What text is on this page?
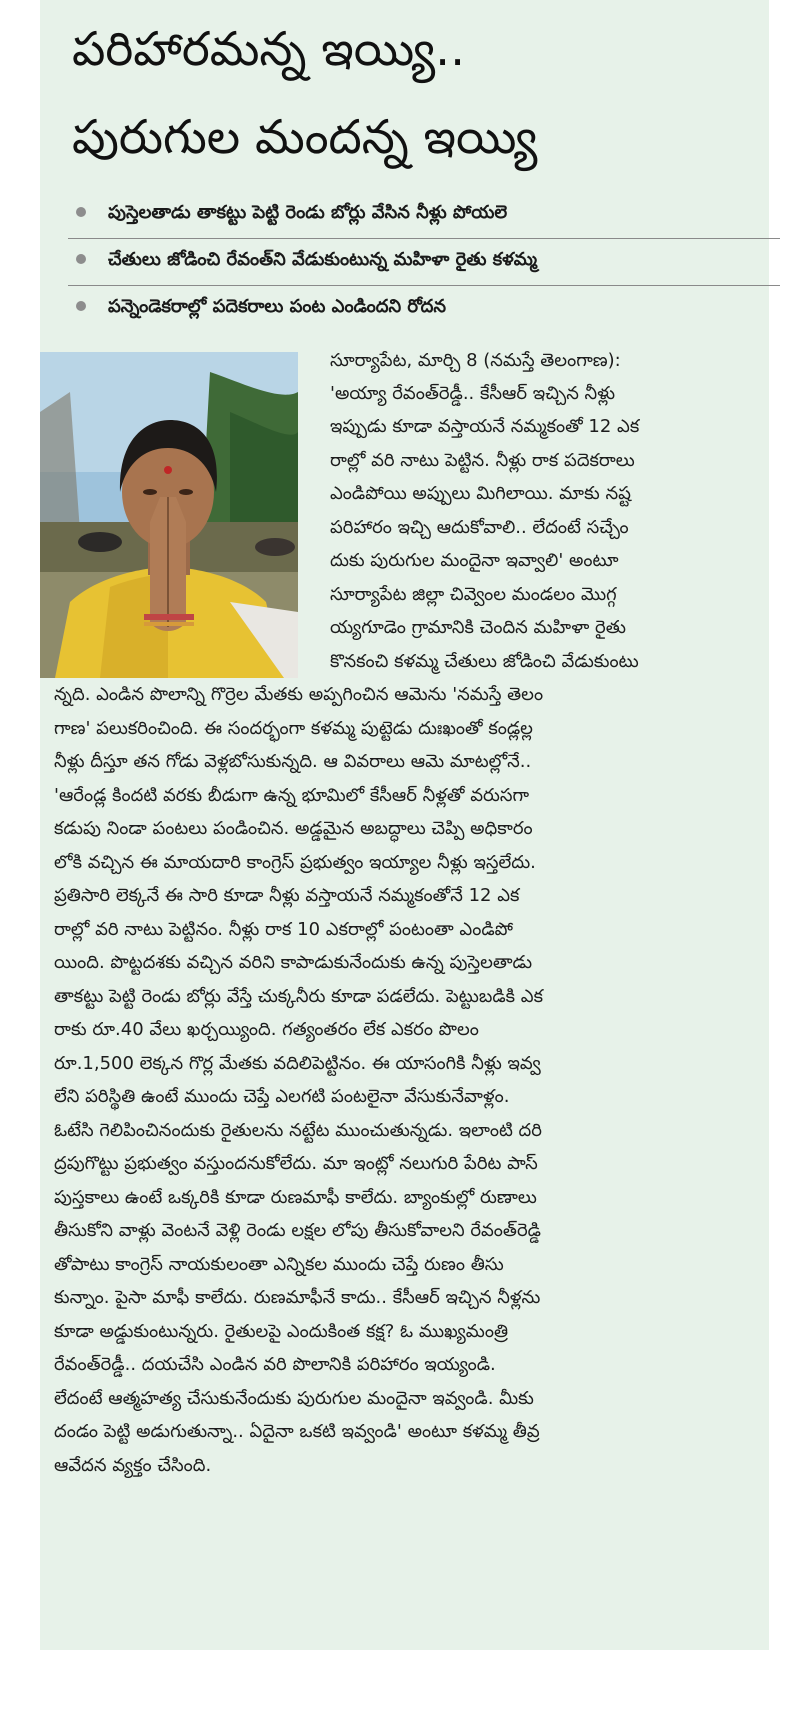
పరిహారమన్న ఇయ్యి..
పురుగుల మందన్న ఇయ్యి
పుస్తెలతాడు తాకట్టు పెట్టి రెండు బోర్లు వేసిన నీళ్లు పోయలె
చేతులు జోడించి రేవంత్‌ని వేడుకుంటున్న మహిళా రైతు కళమ్మ
పన్నెండెకరాల్లో పదెకరాలు పంట ఎండిందని రోదన
సూర్యాపేట, మార్చి 8 (నమస్తే తెలంగాణ):
'అయ్యా రేవంత్‌రెడ్డీ.. కేసీఆర్ ఇచ్చిన నీళ్లు
ఇప్పుడు కూడా వస్తాయనే నమ్మకంతో 12 ఎక
రాల్లో వరి నాటు పెట్టిన. నీళ్లు రాక పదెకరాలు
ఎండిపోయి అప్పులు మిగిలాయి. మాకు నష్ట
పరిహారం ఇచ్చి ఆదుకోవాలి.. లేదంటే సచ్చేం
దుకు పురుగుల మందైనా ఇవ్వాలి' అంటూ
సూర్యాపేట జిల్లా చివ్వెంల మండలం మొగ్గ
య్యగూడెం గ్రామానికి చెందిన మహిళా రైతు
కొనకంచి కళమ్మ చేతులు జోడించి వేడుకుంటు
న్నది. ఎండిన పొలాన్ని గొర్రెల మేతకు అప్పగించిన ఆమెను 'నమస్తే తెలం
గాణ' పలుకరించింది. ఈ సందర్భంగా కళమ్మ పుట్టెడు దుఃఖంతో కండ్లల్ల
నీళ్లు దీస్తూ తన గోడు వెళ్లబోసుకున్నది. ఆ వివరాలు ఆమె మాటల్లోనే..
'ఆరేండ్ల కిందటి వరకు బీడుగా ఉన్న భూమిలో కేసీఆర్ నీళ్లతో వరుసగా
కడుపు నిండా పంటలు పండించిన. అడ్డమైన అబద్ధాలు చెప్పి అధికారం
లోకి వచ్చిన ఈ మాయదారి కాంగ్రెస్ ప్రభుత్వం ఇయ్యాల నీళ్లు ఇస్తలేదు.
ప్రతిసారి లెక్కనే ఈ సారి కూడా నీళ్లు వస్తాయనే నమ్మకంతోనే 12 ఎక
రాల్లో వరి నాటు పెట్టినం. నీళ్లు రాక 10 ఎకరాల్లో పంటంతా ఎండిపో
యింది. పొట్టదశకు వచ్చిన వరిని కాపాడుకునేందుకు ఉన్న పుస్తెలతాడు
తాకట్టు పెట్టి రెండు బోర్లు వేస్తే చుక్కనీరు కూడా పడలేదు. పెట్టుబడికి ఎక
రాకు రూ.40 వేలు ఖర్చయ్యింది. గత్యంతరం లేక ఎకరం పొలం
రూ.1,500 లెక్కన గొర్ల మేతకు వదిలిపెట్టినం. ఈ యాసంగికి నీళ్లు ఇవ్వ
లేని పరిస్థితి ఉంటే ముందు చెప్తే ఎలగటి పంటలైనా వేసుకునేవాళ్లం.
ఓటేసి గెలిపించినందుకు రైతులను నట్టేట ముంచుతున్నడు. ఇలాంటి దరి
ద్రపుగొట్టు ప్రభుత్వం వస్తుందనుకోలేదు. మా ఇంట్లో నలుగురి పేరిట పాస్
పుస్తకాలు ఉంటే ఒక్కరికి కూడా రుణమాఫీ కాలేదు. బ్యాంకుల్లో రుణాలు
తీసుకోని వాళ్లు వెంటనే వెళ్లి రెండు లక్షల లోపు తీసుకోవాలని రేవంత్‌రెడ్డి
తోపాటు కాంగ్రెస్ నాయకులంతా ఎన్నికల ముందు చెప్తే రుణం తీసు
కున్నాం. పైసా మాఫీ కాలేదు. రుణమాఫీనే కాదు.. కేసీఆర్ ఇచ్చిన నీళ్లను
కూడా అడ్డుకుంటున్నరు. రైతులపై ఎందుకింత కక్ష? ఓ ముఖ్యమంత్రి
రేవంత్‌రెడ్డీ.. దయచేసి ఎండిన వరి పొలానికి పరిహారం ఇయ్యండి.
లేదంటే ఆత్మహత్య చేసుకునేందుకు పురుగుల మందైనా ఇవ్వండి. మీకు
దండం పెట్టి అడుగుతున్నా.. ఏదైనా ఒకటి ఇవ్వండి' అంటూ కళమ్మ తీవ్ర
ఆవేదన వ్యక్తం చేసింది.
